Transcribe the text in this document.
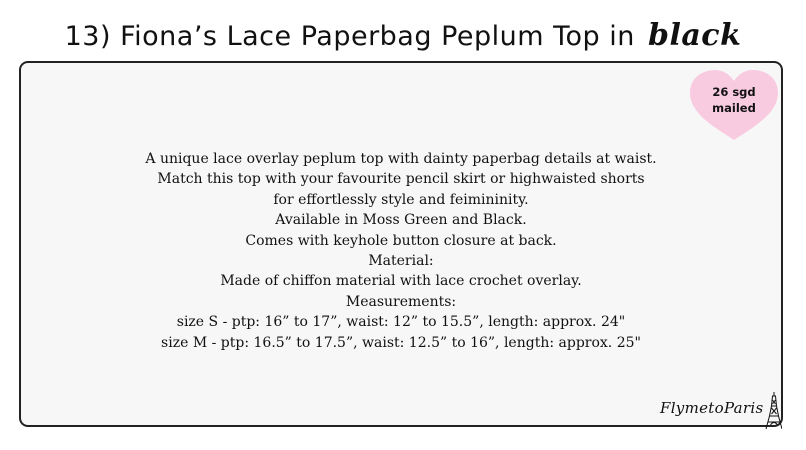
13) Fiona’s Lace Paperbag Peplum Top in black
26 sgd
mailed
A unique lace overlay peplum top with dainty paperbag details at waist.
Match this top with your favourite pencil skirt or highwaisted shorts
for effortlessly style and feimininity.
Available in Moss Green and Black.
Comes with keyhole button closure at back.
Material:
Made of chiffon material with lace crochet overlay.
Measurements:
size S - ptp: 16” to 17”, waist: 12” to 15.5”, length: approx. 24"
size M - ptp: 16.5” to 17.5”, waist: 12.5” to 16”, length: approx. 25"
FlymetoParis
